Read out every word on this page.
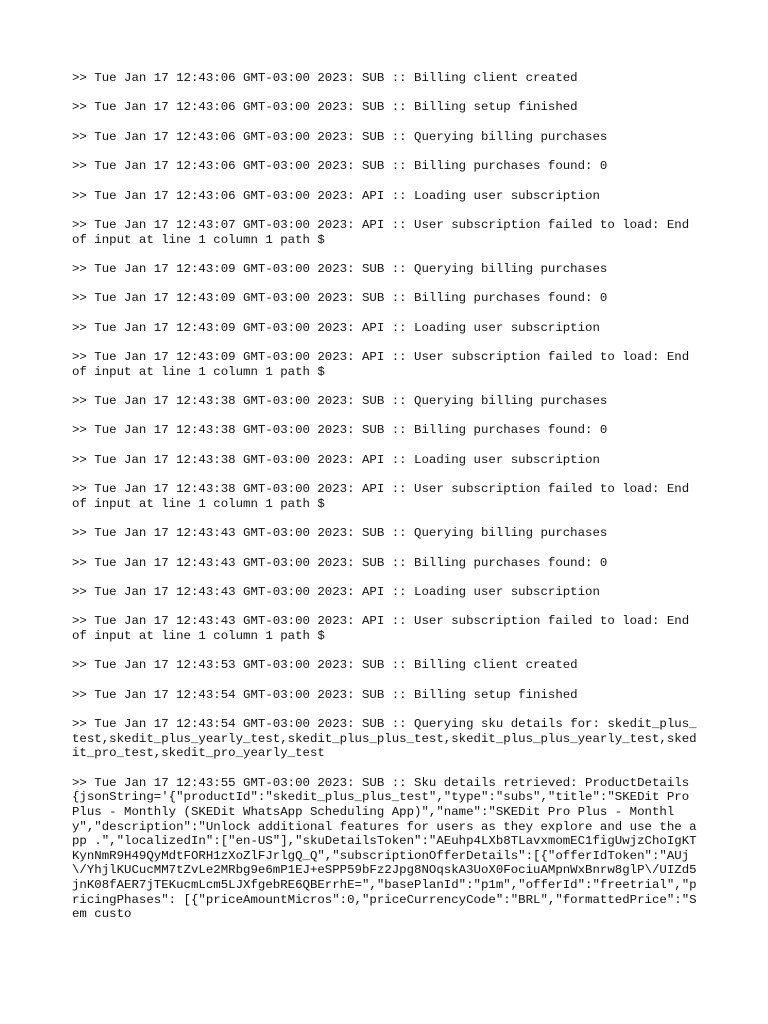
>> Tue Jan 17 12:43:06 GMT-03:00 2023: SUB :: Billing client created
>> Tue Jan 17 12:43:06 GMT-03:00 2023: SUB :: Billing setup finished
>> Tue Jan 17 12:43:06 GMT-03:00 2023: SUB :: Querying billing purchases
>> Tue Jan 17 12:43:06 GMT-03:00 2023: SUB :: Billing purchases found: 0
>> Tue Jan 17 12:43:06 GMT-03:00 2023: API :: Loading user subscription
>> Tue Jan 17 12:43:07 GMT-03:00 2023: API :: User subscription failed to load: End of input at line 1 column 1 path $
>> Tue Jan 17 12:43:09 GMT-03:00 2023: SUB :: Querying billing purchases
>> Tue Jan 17 12:43:09 GMT-03:00 2023: SUB :: Billing purchases found: 0
>> Tue Jan 17 12:43:09 GMT-03:00 2023: API :: Loading user subscription
>> Tue Jan 17 12:43:09 GMT-03:00 2023: API :: User subscription failed to load: End of input at line 1 column 1 path $
>> Tue Jan 17 12:43:38 GMT-03:00 2023: SUB :: Querying billing purchases
>> Tue Jan 17 12:43:38 GMT-03:00 2023: SUB :: Billing purchases found: 0
>> Tue Jan 17 12:43:38 GMT-03:00 2023: API :: Loading user subscription
>> Tue Jan 17 12:43:38 GMT-03:00 2023: API :: User subscription failed to load: End of input at line 1 column 1 path $
>> Tue Jan 17 12:43:43 GMT-03:00 2023: SUB :: Querying billing purchases
>> Tue Jan 17 12:43:43 GMT-03:00 2023: SUB :: Billing purchases found: 0
>> Tue Jan 17 12:43:43 GMT-03:00 2023: API :: Loading user subscription
>> Tue Jan 17 12:43:43 GMT-03:00 2023: API :: User subscription failed to load: End of input at line 1 column 1 path $
>> Tue Jan 17 12:43:53 GMT-03:00 2023: SUB :: Billing client created
>> Tue Jan 17 12:43:54 GMT-03:00 2023: SUB :: Billing setup finished
>> Tue Jan 17 12:43:54 GMT-03:00 2023: SUB :: Querying sku details for: skedit_plus_test,skedit_plus_yearly_test,skedit_plus_plus_test,skedit_plus_plus_yearly_test,skedit_pro_test,skedit_pro_yearly_test
>> Tue Jan 17 12:43:55 GMT-03:00 2023: SUB :: Sku details retrieved: ProductDetails{jsonString='{"productId":"skedit_plus_plus_test","type":"subs","title":"SKEDit Pro Plus - Monthly (SKEDit WhatsApp Scheduling App)","name":"SKEDit Pro Plus - Monthly","description":"Unlock additional features for users as they explore and use the app .","localizedIn":["en-US"],"skuDetailsToken":"AEuhp4LXb8TLavxmomEC1figUwjzChoIgKTKynNmR9H49QyMdtFORH1zXoZlFJrlgQ_Q","subscriptionOfferDetails":[{"offerIdToken":"AUj\/YhjlKUCucMM7tZvLe2MRbg9e6mP1EJ+eSPP59bFz2Jpg8NOqskA3UoX0FociuAMpnWxBnrw8glP\/UIZd5jnK08fAER7jTEKucmLcm5LJXfgebRE6QBErrhE=","basePlanId":"p1m","offerId":"freetrial","pricingPhases": [{"priceAmountMicros":0,"priceCurrencyCode":"BRL","formattedPrice":"Sem custo
